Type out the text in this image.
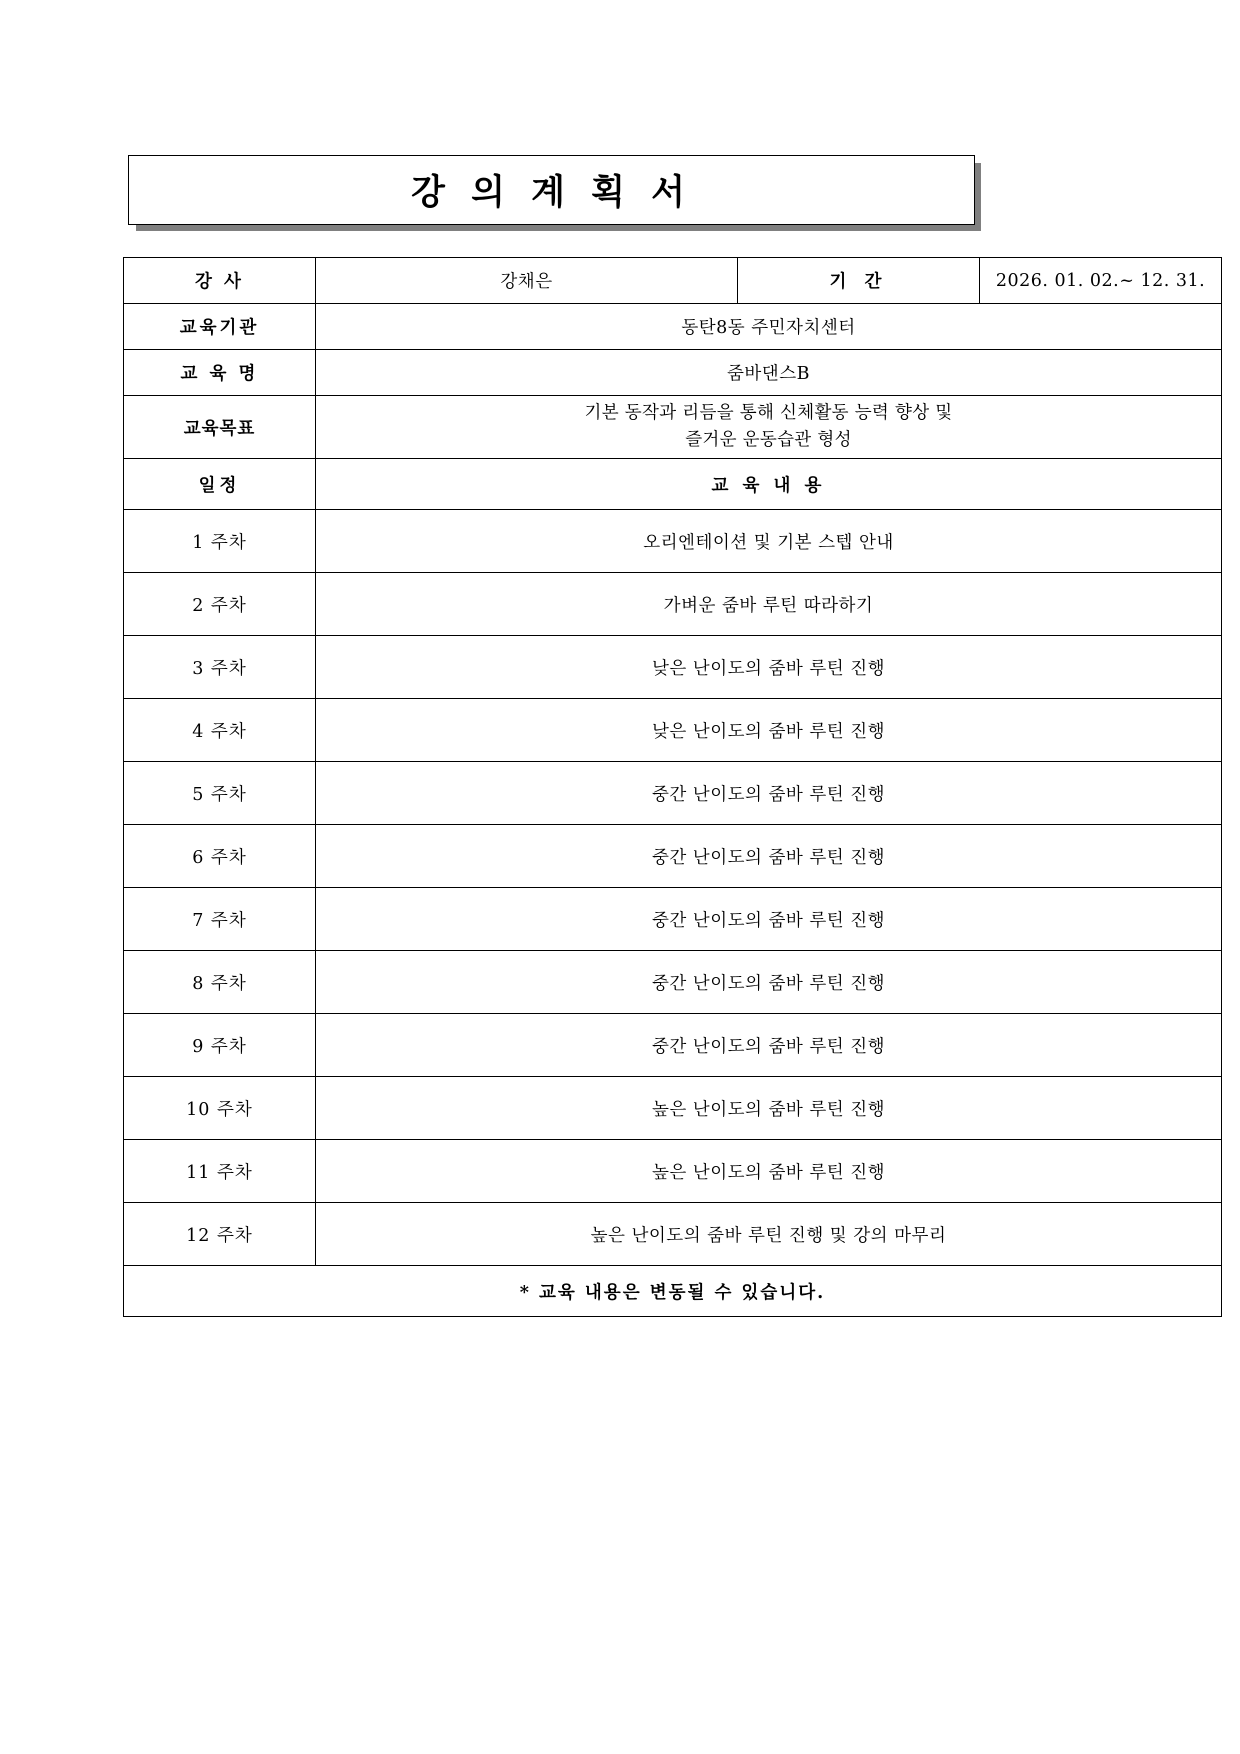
강 의 계 획 서
강 사	강채은	기 간	2026. 01. 02.~ 12. 31.
교육기관	동탄8동 주민자치센터		
교 육 명	줌바댄스B		
교육목표	기본 동작과 리듬을 통해 신체활동 능력 향상 및
즐거운 운동습관 형성		

일정	교 육 내 용		
1 주차	오리엔테이션 및 기본 스텝 안내		
2 주차	가벼운 줌바 루틴 따라하기		
3 주차	낮은 난이도의 줌바 루틴 진행		
4 주차	낮은 난이도의 줌바 루틴 진행		
5 주차	중간 난이도의 줌바 루틴 진행		
6 주차	중간 난이도의 줌바 루틴 진행		
7 주차	중간 난이도의 줌바 루틴 진행		
8 주차	중간 난이도의 줌바 루틴 진행		
9 주차	중간 난이도의 줌바 루틴 진행		
10 주차	높은 난이도의 줌바 루틴 진행		
11 주차	높은 난이도의 줌바 루틴 진행		
12 주차	높은 난이도의 줌바 루틴 진행 및 강의 마무리		
* 교육 내용은 변동될 수 있습니다.			
